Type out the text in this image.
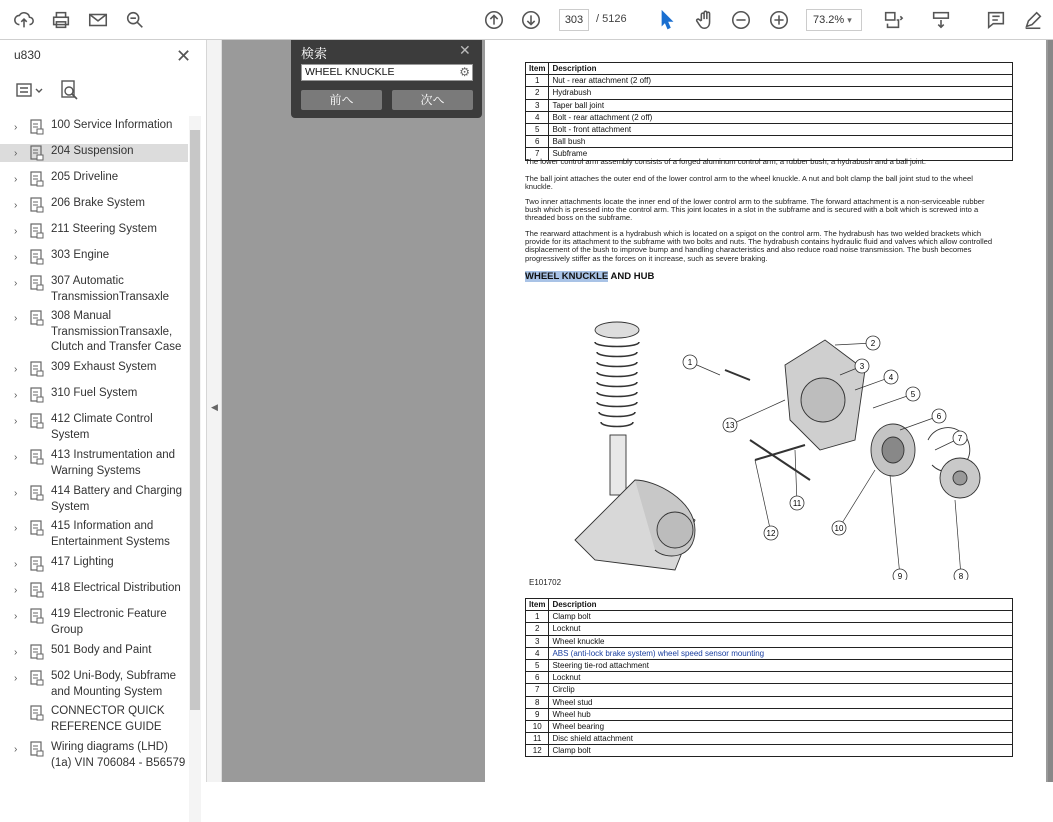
303	/ 5126	73.2% ▾
u830	✕
›	100 Service Information
›	204 Suspension
›	205 Driveline
›	206 Brake System
›	211 Steering System
›	303 Engine
›	307 Automatic TransmissionTransaxle
›	308 Manual TransmissionTransaxle, Clutch and Transfer Case
›	309 Exhaust System
›	310 Fuel System
›	412 Climate Control System
›	413 Instrumentation and Warning Systems
›	414 Battery and Charging System
›	415 Information and Entertainment Systems
›	417 Lighting
›	418 Electrical Distribution
›	419 Electronic Feature Group
›	501 Body and Paint
›	502 Uni-Body, Subframe and Mounting System
CONNECTOR QUICK REFERENCE GUIDE
›	Wiring diagrams (LHD) (1a) VIN 706084 - B56579
◀
検索	✕
WHEEL KNUCKLE	⚙
前へ	次へ
Item	Description
1	Nut - rear attachment (2 off)
2	Hydrabush
3	Taper ball joint
4	Bolt - rear attachment (2 off)
5	Bolt - front attachment
6	Ball bush
7	Subframe
The lower control arm assembly consists of a forged aluminum control arm, a rubber bush, a hydrabush and a ball joint.
The ball joint attaches the outer end of the lower control arm to the wheel knuckle. A nut and bolt clamp the ball joint stud to the wheel knuckle.
Two inner attachments locate the inner end of the lower control arm to the subframe. The forward attachment is a non-serviceable rubber bush which is pressed into the control arm. This joint locates in a slot in the subframe and is secured with a bolt which is screwed into a threaded boss on the subframe.
The rearward attachment is a hydrabush which is located on a spigot on the control arm. The hydrabush has two welded brackets which provide for its attachment to the subframe with two bolts and nuts. The hydrabush contains hydraulic fluid and valves which allow controlled displacement of the bush to improve bump and handling characteristics and also reduce road noise transmission. The bush becomes progressively stiffer as the forces on it increase, such as severe braking.
WHEEL KNUCKLE AND HUB
1
2
3
4
5
6
7
8
9
10
11
12
13
E101702
Item	Description
1	Clamp bolt
2	Locknut
3	Wheel knuckle
4	ABS (anti-lock brake system) wheel speed sensor mounting
5	Steering tie-rod attachment
6	Locknut
7	Circlip
8	Wheel stud
9	Wheel hub
10	Wheel bearing
11	Disc shield attachment
12	Clamp bolt
